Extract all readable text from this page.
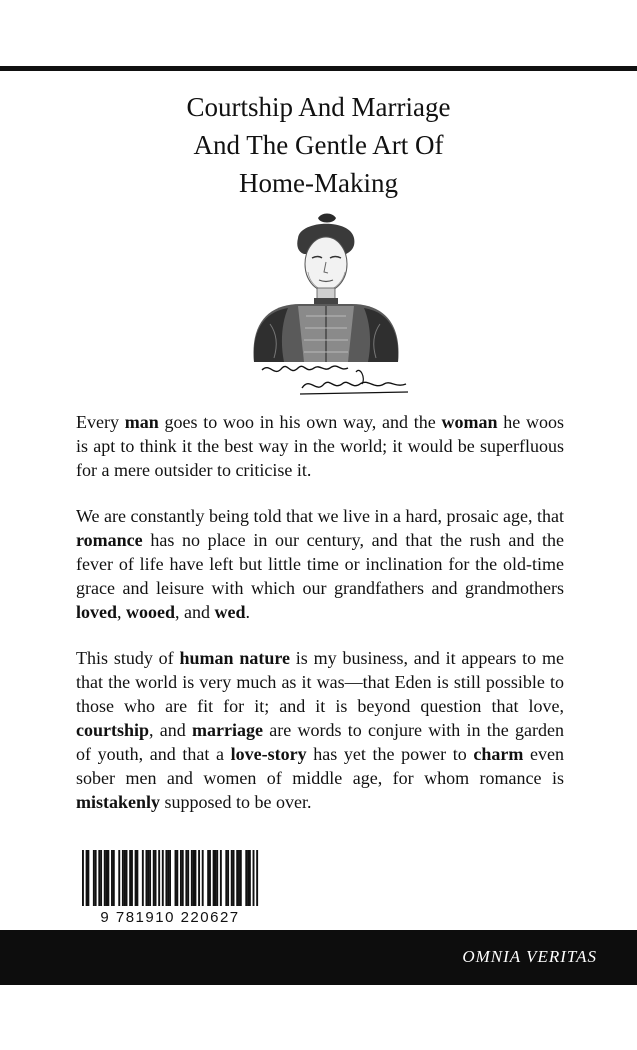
Courtship And Marriage
And The Gentle Art Of
Home-Making

Every man goes to woo in his own way, and the woman he woos is apt to think it the best way in the world; it would be superfluous for a mere outsider to criticise it.

We are constantly being told that we live in a hard, prosaic age, that romance has no place in our century, and that the rush and the fever of life have left but little time or inclination for the old-time grace and leisure with which our grandfathers and grandmothers loved, wooed, and wed.

This study of human nature is my business, and it appears to me that the world is very much as it was—that Eden is still possible to those who are fit for it; and it is beyond question that love, courtship, and marriage are words to conjure with in the garden of youth, and that a love-story has yet the power to charm even sober men and women of middle age, for whom romance is mistakenly supposed to be over.

9 781910 220627
OMNIA VERITAS
